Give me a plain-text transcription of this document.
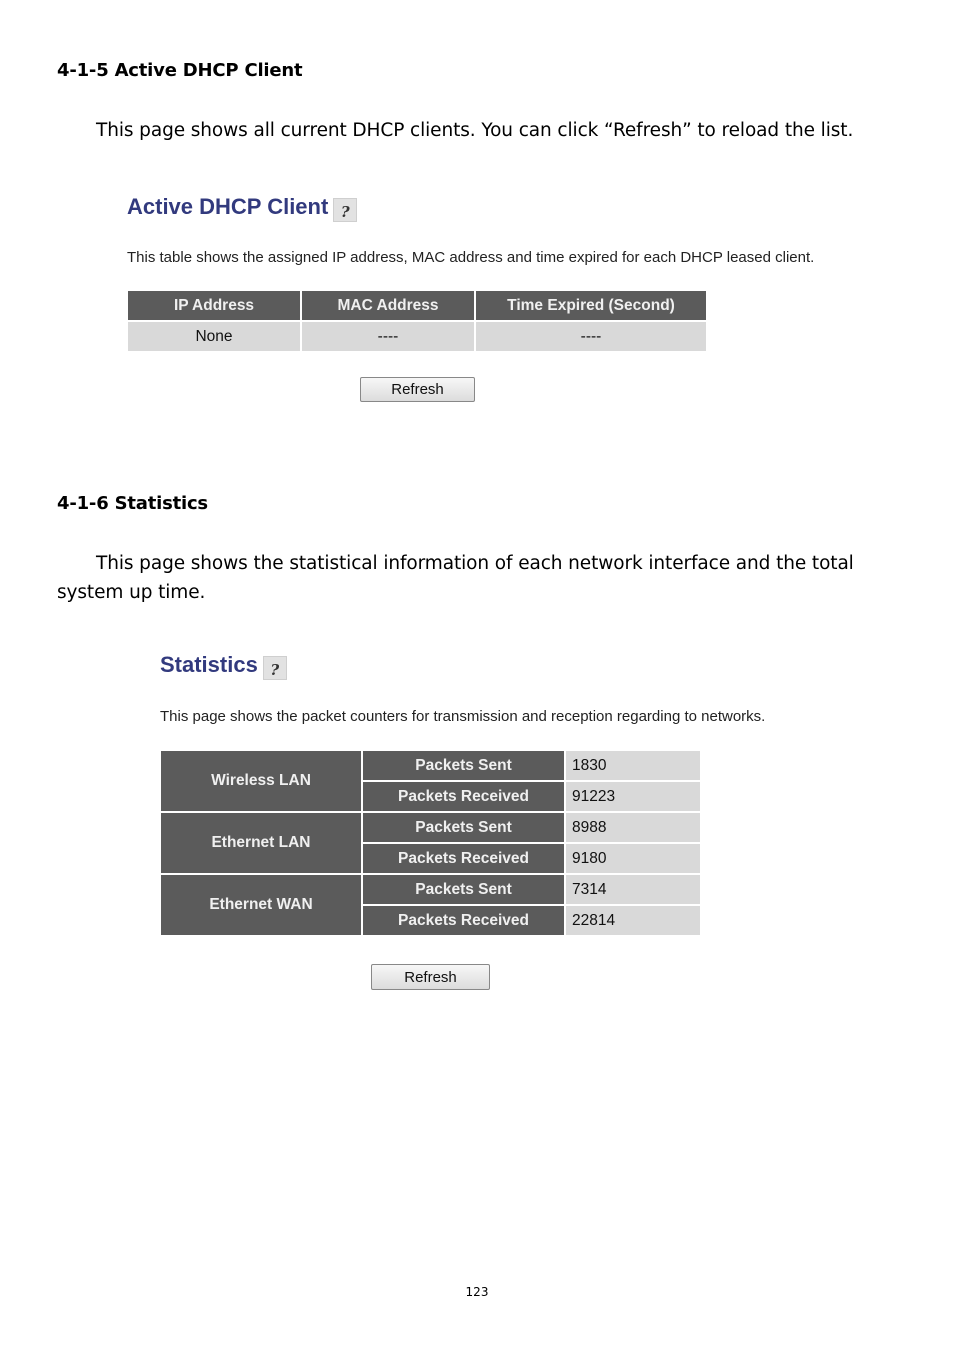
4-1-5 Active DHCP Client
This page shows all current DHCP clients. You can click “Refresh” to reload the list.
Active DHCP Client ?
This table shows the assigned IP address, MAC address and time expired for each DHCP leased client.
IP Address	MAC Address	Time Expired (Second)
None	----	----
Refresh
4-1-6 Statistics
This page shows the statistical information of each network interface and the total
system up time.
Statistics ?
This page shows the packet counters for transmission and reception regarding to networks.
Wireless LAN	Packets Sent	1830
	Packets Received	91223
Ethernet LAN	Packets Sent	8988
	Packets Received	9180
Ethernet WAN	Packets Sent	7314
	Packets Received	22814
Refresh
123
